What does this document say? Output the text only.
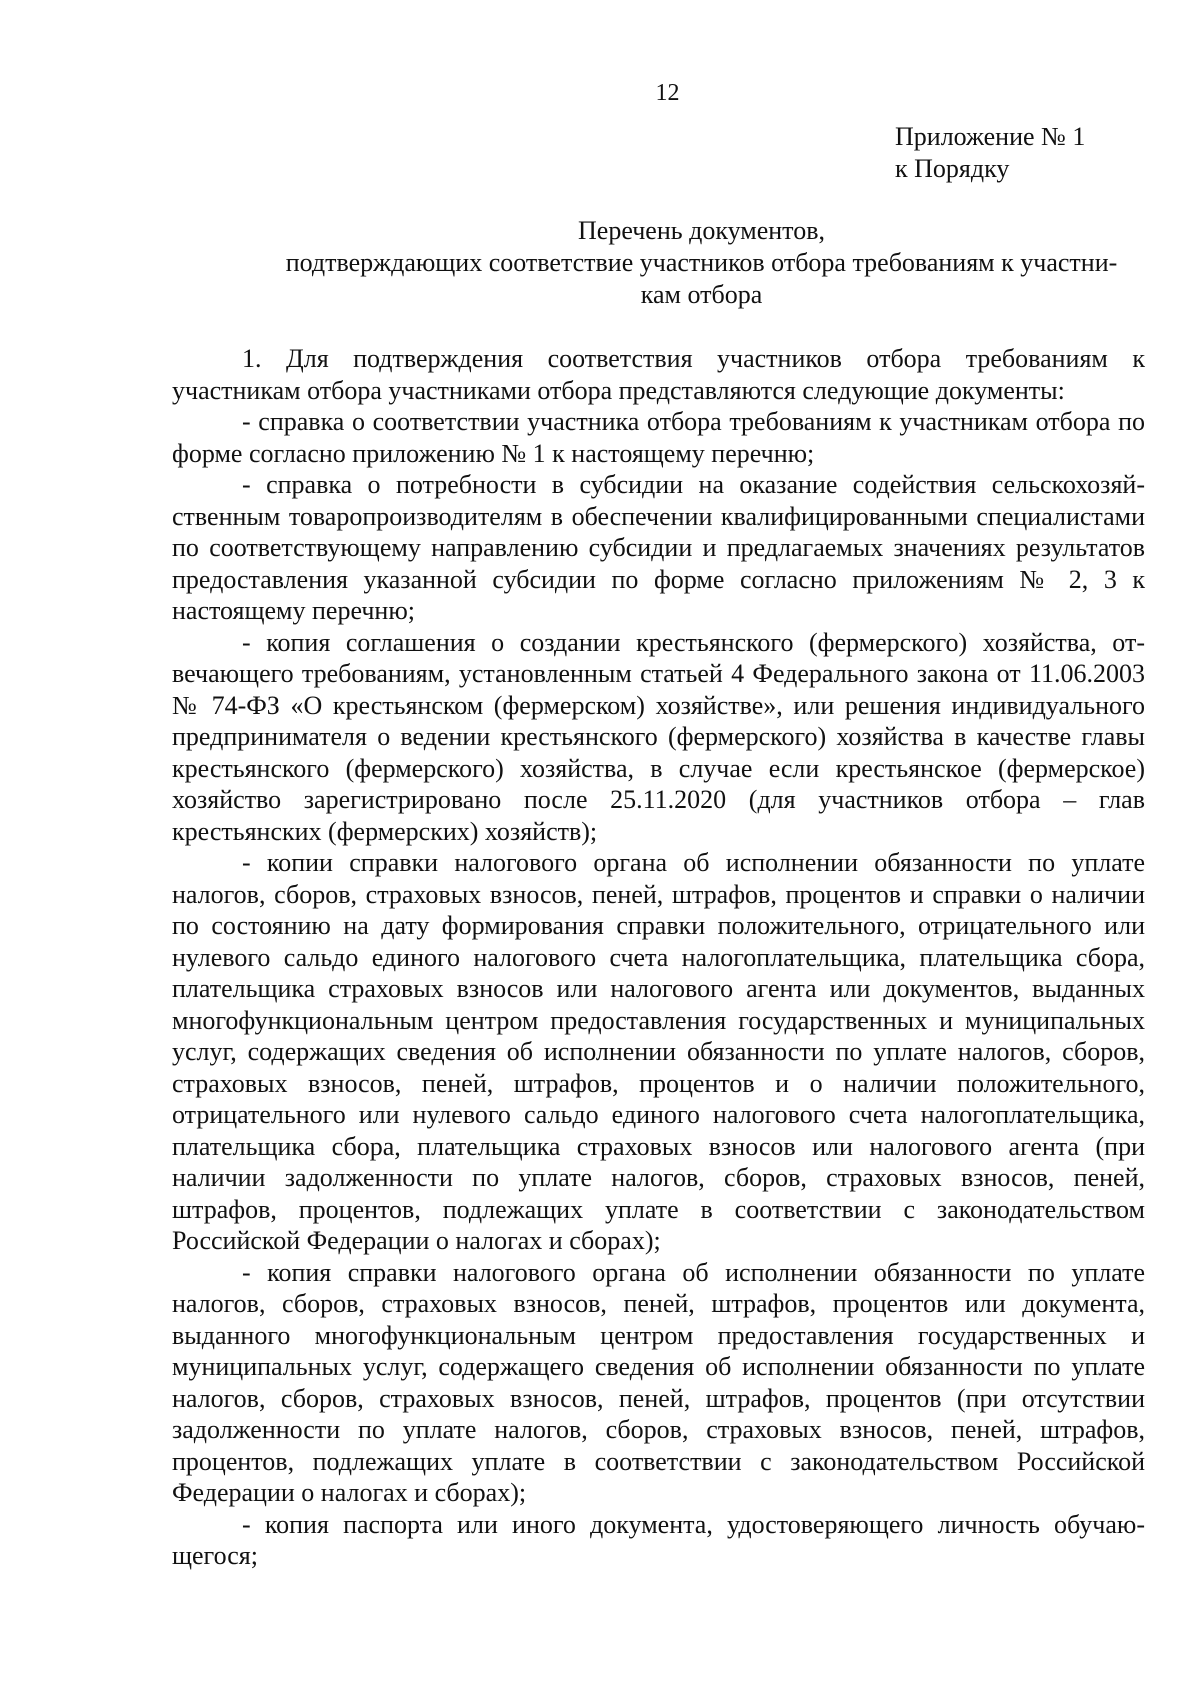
12
Приложение № 1
к Порядку
Перечень документов,
подтверждающих соответствие участников отбора требованиям к участни-
кам отбора

1. Для подтверждения соответствия участников отбора требованиям к участникам отбора участниками отбора представляются следующие документы:

- справка о соответствии участника отбора требованиям к участникам отбора по форме согласно приложению № 1 к настоящему перечню;

- справка о потребности в субсидии на оказание содействия сельскохозяйственным товаропроизводителям в обеспечении квалифицированными специалистами по соответствующему направлению субсидии и предлагаемых значениях результатов предоставления указанной субсидии по форме согласно приложениям № 2, 3 к настоящему перечню;

- копия соглашения о создании крестьянского (фермерского) хозяйства, отвечающего требованиям, установленным статьей 4 Федерального закона от 11.06.2003 № 74-ФЗ «О крестьянском (фермерском) хозяйстве», или решения индивидуального предпринимателя о ведении крестьянского (фермерского) хозяйства в качестве главы крестьянского (фермерского) хозяйства, в случае если крестьянское (фермерское) хозяйство зарегистрировано после 25.11.2020 (для участников отбора – глав крестьянских (фермерских) хозяйств);

- копии справки налогового органа об исполнении обязанности по уплате налогов, сборов, страховых взносов, пеней, штрафов, процентов и справки о наличии по состоянию на дату формирования справки положительного, отрицательного или нулевого сальдо единого налогового счета налогоплательщика, плательщика сбора, плательщика страховых взносов или налогового агента или документов, выданных многофункциональным центром предоставления государственных и муниципальных услуг, содержащих сведения об исполнении обязанности по уплате налогов, сборов, страховых взносов, пеней, штрафов, процентов и о наличии положительного, отрицательного или нулевого сальдо единого налогового счета налогоплательщика, плательщика сбора, плательщика страховых взносов или налогового агента (при наличии задолженности по уплате налогов, сборов, страховых взносов, пеней, штрафов, процентов, подлежащих уплате в соответствии с законодательством Российской Федерации о налогах и сборах);

- копия справки налогового органа об исполнении обязанности по уплате налогов, сборов, страховых взносов, пеней, штрафов, процентов или документа, выданного многофункциональным центром предоставления государственных и муниципальных услуг, содержащего сведения об исполнении обязанности по уплате налогов, сборов, страховых взносов, пеней, штрафов, процентов (при отсутствии задолженности по уплате налогов, сборов, страховых взносов, пеней, штрафов, процентов, подлежащих уплате в соответствии с законодательством Российской Федерации о налогах и сборах);

- копия паспорта или иного документа, удостоверяющего личность обучающегося;
